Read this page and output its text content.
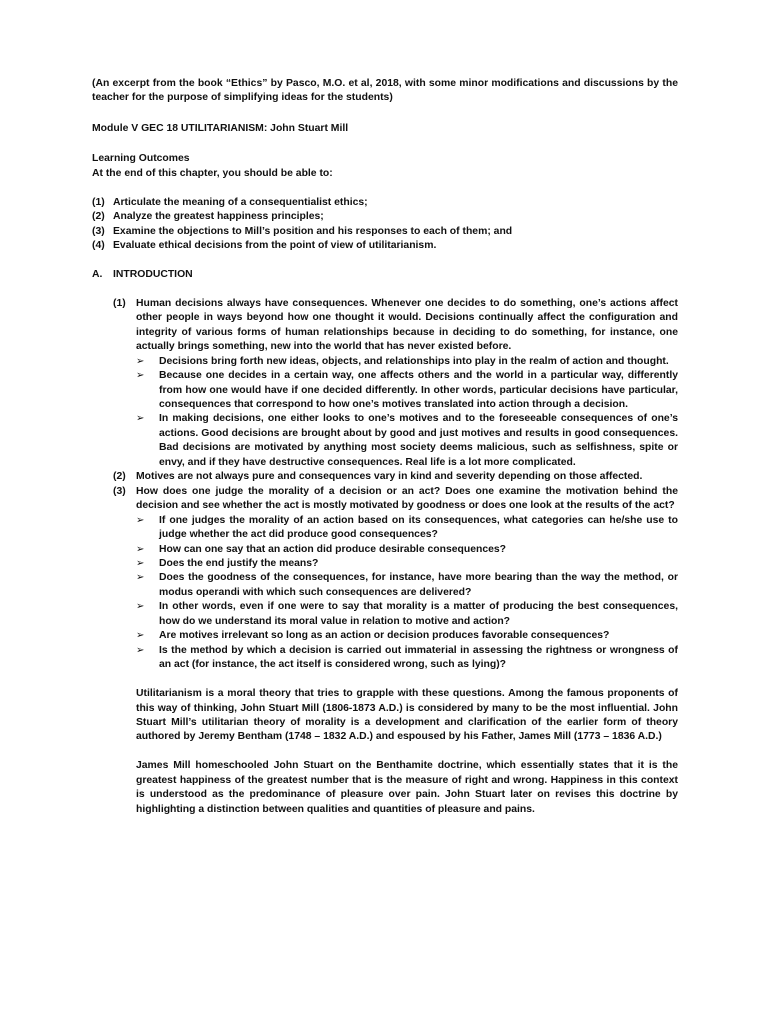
(An excerpt from the book “Ethics” by Pasco, M.O. et al, 2018, with some minor modifications and discussions by the teacher for the purpose of simplifying ideas for the students)

Module V GEC 18 UTILITARIANISM: John Stuart Mill

Learning Outcomes

At the end of this chapter, you should be able to:

(1) Articulate the meaning of a consequentialist ethics;
(2) Analyze the greatest happiness principles;
(3) Examine the objections to Mill’s position and his responses to each of them; and
(4) Evaluate ethical decisions from the point of view of utilitarianism.
A.	INTRODUCTION
(1) Human decisions always have consequences. Whenever one decides to do something, one’s actions affect other people in ways beyond how one thought it would. Decisions continually affect the configuration and integrity of various forms of human relationships because in deciding to do something, for instance, one actually brings something, new into the world that has never existed before.

➢	Decisions bring forth new ideas, objects, and relationships into play in the realm of action and thought.
➢	Because one decides in a certain way, one affects others and the world in a particular way, differently from how one would have if one decided differently. In other words, particular decisions have particular, consequences that correspond to how one’s motives translated into action through a decision.
➢	In making decisions, one either looks to one’s motives and to the foreseeable consequences of one’s actions. Good decisions are brought about by good and just motives and results in good consequences. Bad decisions are motivated by anything most society deems malicious, such as selfishness, spite or envy, and if they have destructive consequences. Real life is a lot more complicated.
(2) Motives are not always pure and consequences vary in kind and severity depending on those affected.

(3) How does one judge the morality of a decision or an act? Does one examine the motivation behind the decision and see whether the act is mostly motivated by goodness or does one look at the results of the act?

➢	If one judges the morality of an action based on its consequences, what categories can he/she use to judge whether the act did produce good consequences?
➢	How can one say that an action did produce desirable consequences?
➢	Does the end justify the means?
➢	Does the goodness of the consequences, for instance, have more bearing than the way the method, or modus operandi with which such consequences are delivered?
➢	In other words, even if one were to say that morality is a matter of producing the best consequences, how do we understand its moral value in relation to motive and action?
➢	Are motives irrelevant so long as an action or decision produces favorable consequences?
➢	Is the method by which a decision is carried out immaterial in assessing the rightness or wrongness of an act (for instance, the act itself is considered wrong, such as lying)?

Utilitarianism is a moral theory that tries to grapple with these questions. Among the famous proponents of this way of thinking, John Stuart Mill (1806-1873 A.D.) is considered by many to be the most influential. John Stuart Mill’s utilitarian theory of morality is a development and clarification of the earlier form of theory authored by Jeremy Bentham (1748 – 1832 A.D.) and espoused by his Father, James Mill (1773 – 1836 A.D.)

James Mill homeschooled John Stuart on the Benthamite doctrine, which essentially states that it is the greatest happiness of the greatest number that is the measure of right and wrong. Happiness in this context is understood as the predominance of pleasure over pain. John Stuart later on revises this doctrine by highlighting a distinction between qualities and quantities of pleasure and pains.
